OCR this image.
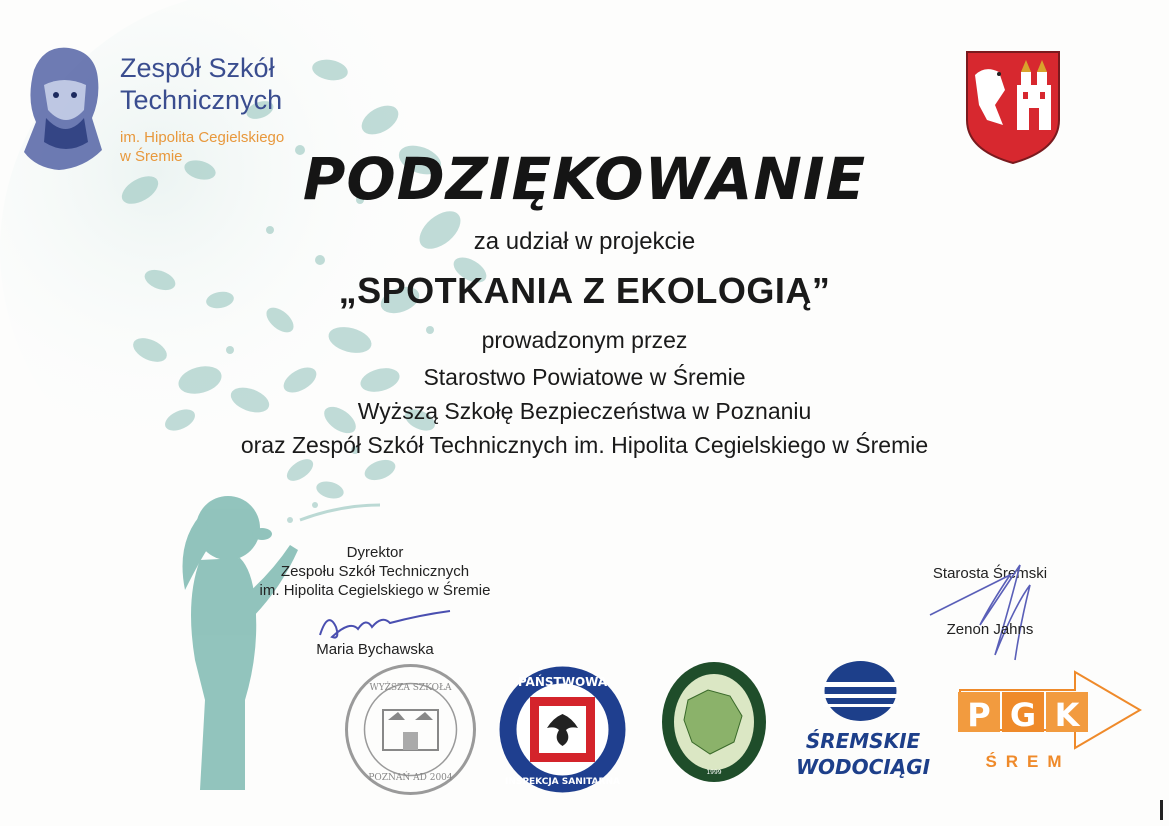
Zespół Szkół
Technicznych
im. Hipolita Cegielskiego
w Śremie	PODZIĘKOWANIE
za udział w projekcie
„SPOTKANIA Z EKOLOGIĄ”
prowadzonym przez
Starostwo Powiatowe w Śremie
Wyższą Szkołę Bezpieczeństwa w Poznaniu
oraz Zespół Szkół Technicznych im. Hipolita Cegielskiego w Śremie
Dyrektor
Zespołu Szkół Technicznych
im. Hipolita Cegielskiego w Śremie
Maria Bychawska
Starosta Śremski
Zenon Jahns
WYŻSZA SZKOŁA
POZNAŃ AD 2004
PAŃSTWOWA
INSPEKCJA SANITARNA
1999
ŚREMSKIE
WODOCIĄGI
P G K
ŚREM
